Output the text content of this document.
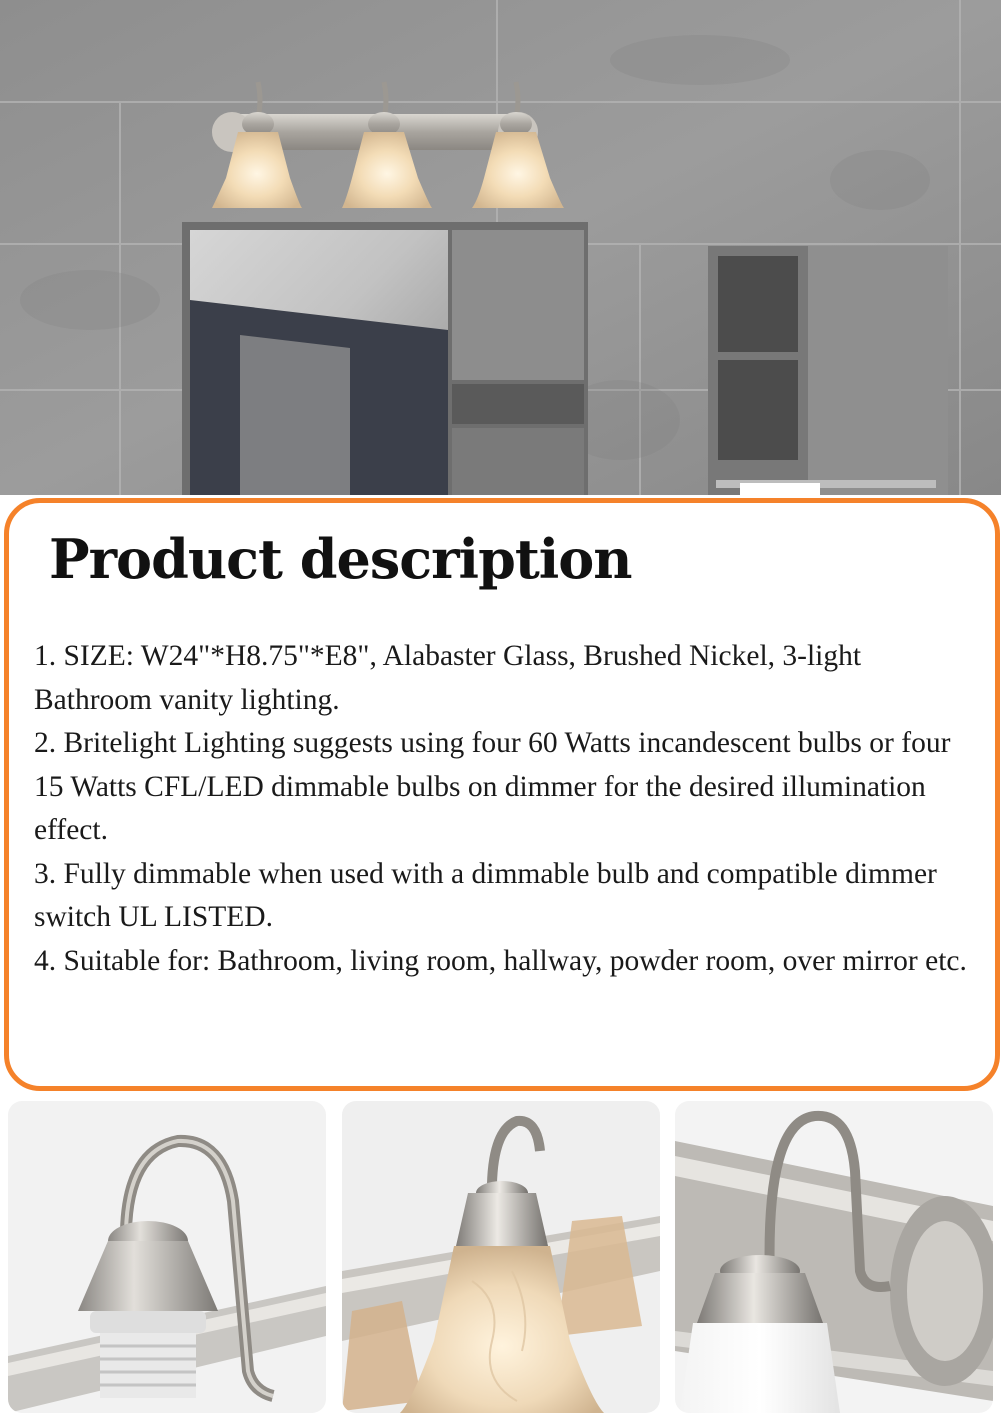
Product description

1. SIZE: W24"*H8.75"*E8", Alabaster Glass, Brushed Nickel, 3-light Bathroom vanity lighting.

2. Britelight Lighting suggests using four 60 Watts incandescent bulbs or four 15 Watts CFL/LED dimmable bulbs on dimmer for the desired illumination effect.

3. Fully dimmable when used with a dimmable bulb and compatible dimmer switch UL LISTED.

4. Suitable for: Bathroom, living room, hallway, powder room, over mirror etc.
